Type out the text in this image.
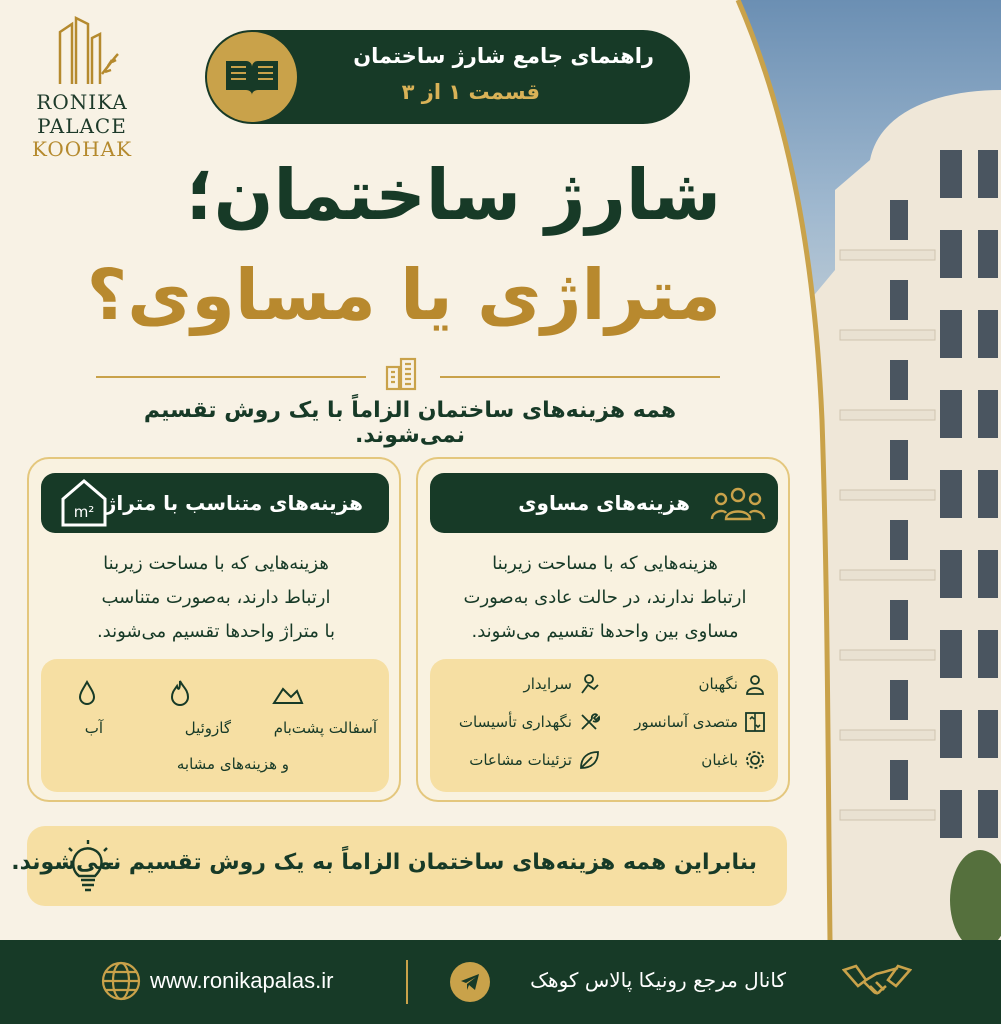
RONIKA
PALACE
KOOHAK
راهنمای جامع شارژ ساختمان
قسمت ۱ از ۳
شارژ ساختمان؛
متراژی یا مساوی؟
همه هزینه‌های ساختمان الزاماً با یک روش تقسیم نمی‌شوند.
هزینه‌های متناسب با متراژ
m²
هزینه‌هایی که با مساحت زیربنا
ارتباط دارند، به‌صورت متناسب
با متراژ واحدها تقسیم می‌شوند.
آسفالت پشت‌بام
گازوئیل
آب
و هزینه‌های مشابه
هزینه‌های مساوی
هزینه‌هایی که با مساحت زیربنا
ارتباط ندارند، در حالت عادی به‌صورت
مساوی بین واحدها تقسیم می‌شوند.
نگهبان
سرایدار
متصدی آسانسور
نگهداری تأسیسات
باغبان
تزئینات مشاعات
بنابراین همه هزینه‌های ساختمان الزاماً به یک روش تقسیم نمی‌شوند.
www.ronikapalas.ir	کانال مرجع رونیکا پالاس کوهک
